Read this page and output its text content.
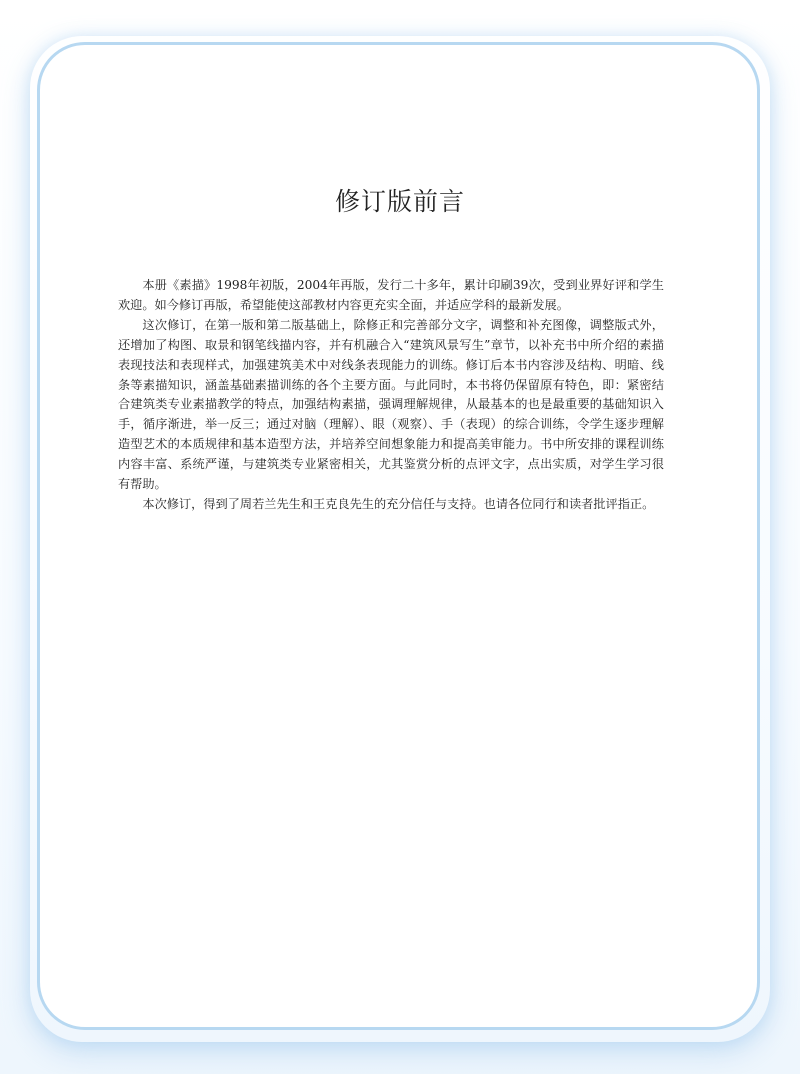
修订版前言

本册《素描》1998年初版，2004年再版，发行二十多年，累计印刷39次，受到业界好评和学生欢迎。如今修订再版，希望能使这部教材内容更充实全面，并适应学科的最新发展。

这次修订，在第一版和第二版基础上，除修正和完善部分文字，调整和补充图像，调整版式外，还增加了构图、取景和钢笔线描内容，并有机融合入“建筑风景写生”章节，以补充书中所介绍的素描表现技法和表现样式，加强建筑美术中对线条表现能力的训练。修订后本书内容涉及结构、明暗、线条等素描知识，涵盖基础素描训练的各个主要方面。与此同时，本书将仍保留原有特色，即：紧密结合建筑类专业素描教学的特点，加强结构素描，强调理解规律，从最基本的也是最重要的基础知识入手，循序渐进，举一反三；通过对脑（理解）、眼（观察）、手（表现）的综合训练，令学生逐步理解造型艺术的本质规律和基本造型方法，并培养空间想象能力和提高美审能力。书中所安排的课程训练内容丰富、系统严谨，与建筑类专业紧密相关，尤其鉴赏分析的点评文字，点出实质，对学生学习很有帮助。

本次修订，得到了周若兰先生和王克良先生的充分信任与支持。也请各位同行和读者批评指正。
